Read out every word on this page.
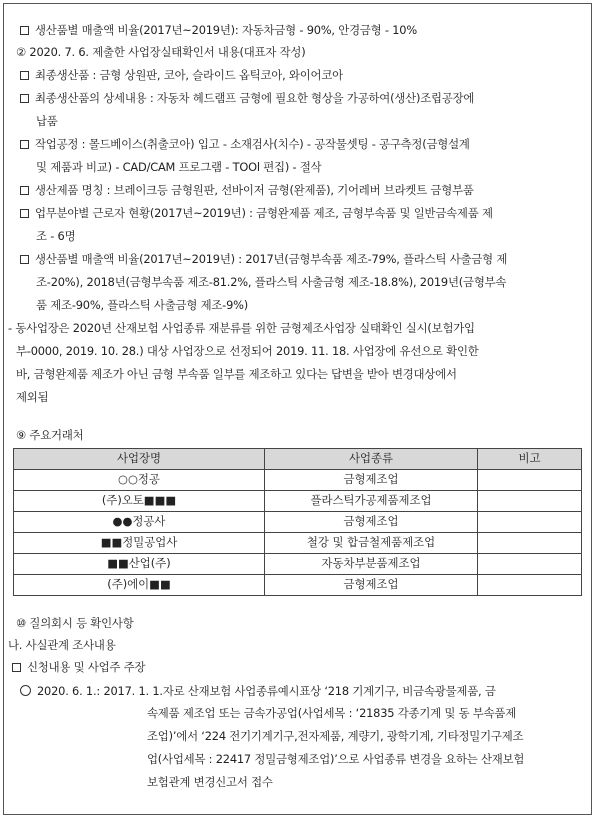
생산품별 매출액 비율(2017년~2019년): 자동차금형 - 90%, 안경금형 - 10%
② 2020. 7. 6. 제출한 사업장실태확인서 내용(대표자 작성)
최종생산품 : 금형 상원판, 코아, 슬라이드 옵틱코아, 와이어코아
최종생산품의 상세내용 : 자동차 헤드램프 금형에 필요한 형상을 가공하여(생산)조립공장에
납품
작업공정 : 몰드베이스(취출코아) 입고 - 소재검사(치수) - 공작물셋팅 - 공구측정(금형설계
및 제품과 비교) - CAD/CAM 프로그램 - TOOl 편집) - 절삭
생산제품 명칭 : 브레이크등 금형원판, 선바이저 금형(완제품), 기어레버 브라켓트 금형부품
업무분야별 근로자 현황(2017년~2019년) : 금형완제품 제조, 금형부속품 및 일반금속제품 제
조 - 6명
생산품별 매출액 비율(2017년~2019년) : 2017년(금형부속품 제조-79%, 플라스틱 사출금형 제
조-20%), 2018년(금형부속품 제조-81.2%, 플라스틱 사출금형 제조-18.8%), 2019년(금형부속
품 제조-90%, 플라스틱 사출금형 제조-9%)
- 동사업장은 2020년 산재보험 사업종류 재분류를 위한 금형제조사업장 실태확인 실시(보험가입
부-0000, 2019. 10. 28.) 대상 사업장으로 선정되어 2019. 11. 18. 사업장에 유선으로 확인한
바, 금형완제품 제조가 아닌 금형 부속품 일부를 제조하고 있다는 답변을 받아 변경대상에서
제외됨
⑨ 주요거래처
사업장명	사업종류	비고
○○정공	금형제조업	
(주)오토■■■	플라스틱가공제품제조업	
●●정공사	금형제조업	
■■정밀공업사	철강 및 합금철제품제조업	
■■산업(주)	자동차부분품제조업	
(주)에이■■	금형제조업	
⑩ 질의회시 등 확인사항
나. 사실관계 조사내용
신청내용 및 사업주 주장
2020. 6. 1.: 2017. 1. 1.자로 산재보험 사업종류예시표상 ‘218 기계기구, 비금속광물제품, 금
속제품 제조업 또는 금속가공업(사업세목 : ‘21835 각종기계 및 동 부속품제
조업)’에서 ‘224 전기기계기구,전자제품, 계량기, 광학기계, 기타정밀기구제조
업(사업세목 : 22417 정밀금형제조업)’으로 사업종류 변경을 요하는 산재보험
보험관계 변경신고서 접수
